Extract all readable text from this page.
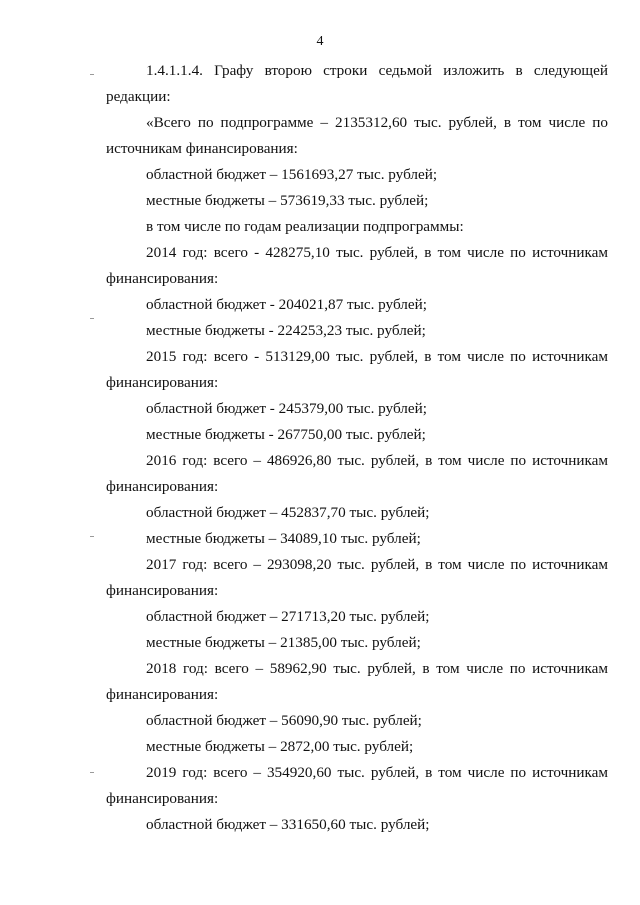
4
1.4.1.1.4. Графу второю строки седьмой изложить в следующей
редакции:
«Всего по подпрограмме – 2135312,60 тыс. рублей, в том числе по
источникам финансирования:
областной бюджет – 1561693,27 тыс. рублей;
местные бюджеты – 573619,33 тыс. рублей;
в том числе по годам реализации подпрограммы:
2014 год: всего - 428275,10 тыс. рублей, в том числе по источникам
финансирования:
областной бюджет - 204021,87 тыс. рублей;
местные бюджеты - 224253,23 тыс. рублей;
2015 год: всего - 513129,00 тыс. рублей, в том числе по источникам
финансирования:
областной бюджет - 245379,00 тыс. рублей;
местные бюджеты - 267750,00 тыс. рублей;
2016 год: всего – 486926,80 тыс. рублей, в том числе по источникам
финансирования:
областной бюджет – 452837,70 тыс. рублей;
местные бюджеты – 34089,10 тыс. рублей;
2017 год: всего – 293098,20 тыс. рублей, в том числе по источникам
финансирования:
областной бюджет – 271713,20 тыс. рублей;
местные бюджеты – 21385,00 тыс. рублей;
2018 год: всего – 58962,90 тыс. рублей, в том числе по источникам
финансирования:
областной бюджет – 56090,90 тыс. рублей;
местные бюджеты – 2872,00 тыс. рублей;
2019 год: всего – 354920,60 тыс. рублей, в том числе по источникам
финансирования:
областной бюджет – 331650,60 тыс. рублей;
